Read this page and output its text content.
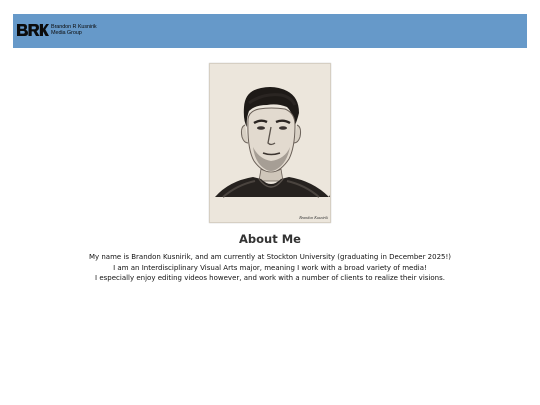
Brandon R Kusnirik
Media Group
Brandon Kusnirik
About Me

My name is Brandon Kusnirik, and am currently at Stockton University (graduating in December 2025!)

I am an Interdisciplinary Visual Arts major, meaning I work with a broad variety of media!

I especially enjoy editing videos however, and work with a number of clients to realize their visions.
